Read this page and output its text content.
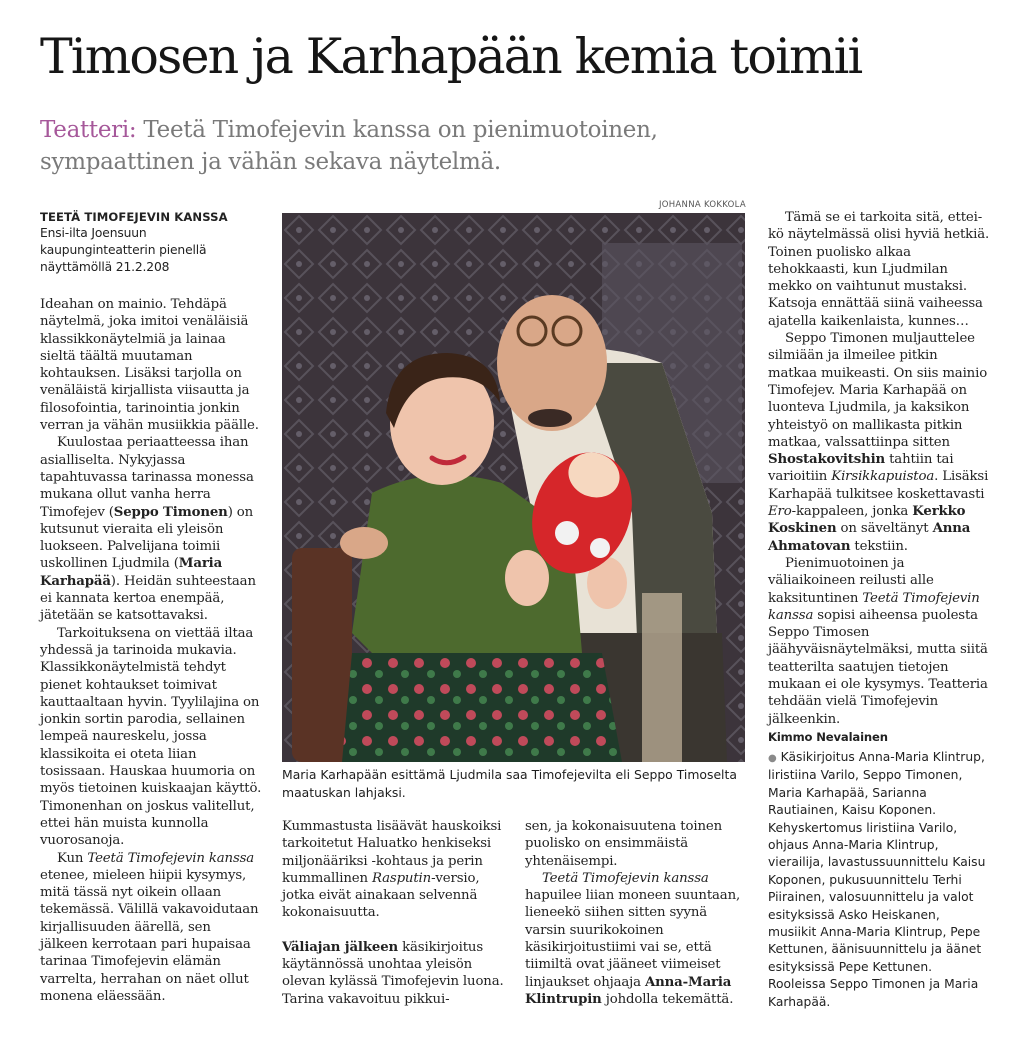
Timosen ja Karhapään kemia toimii
Teatteri: Teetä Timofejevin kanssa on pienimuotoinen, sympaattinen ja vähän sekava näytelmä.
TEETÄ TIMOFEJEVIN KANSSA
Ensi-ilta Joensuun kaupunginteatterin pienellä näyttämöllä 21.2.208

Ideahan on mainio. Tehdäpä näytelmä, joka imitoi venäläisiä klassikkonäytelmiä ja lainaa sieltä täältä muutaman kohtauksen. Lisäksi tarjolla on venäläistä kirjallista viisautta ja filosofointia, tarinointia jonkin verran ja vähän musiikkia päälle.

Kuulostaa periaatteessa ihan asialliselta. Nykyjassa tapahtuvassa tarinassa monessa mukana ollut vanha herra Timofejev (Seppo Timonen) on kutsunut vieraita eli yleisön luokseen. Palvelijana toimii uskollinen Ljudmila (Maria Karhapää). Heidän suhteestaan ei kannata kertoa enempää, jätetään se katsottavaksi.

Tarkoituksena on viettää iltaa yhdessä ja tarinoida mukavia. Klassikkonäytelmistä tehdyt pienet kohtaukset toimivat kauttaaltaan hyvin. Tyylilajina on jonkin sortin parodia, sellainen lempeä naureskelu, jossa klassikoita ei oteta liian tosissaan. Hauskaa huumoria on myös tietoinen kuiskaajan käyttö. Timonenhan on joskus valitellut, ettei hän muista kunnolla vuorosanoja.

Kun Teetä Timofejevin kanssa etenee, mieleen hiipii kysymys, mitä tässä nyt oikein ollaan tekemässä. Välillä vakavoidutaan kirjallisuuden äärellä, sen jälkeen kerrotaan pari hupaisaa tarinaa Timofejevin elämän varrelta, herrahan on näet ollut monena eläessään.

JOHANNA KOKKOLA
Maria Karhapään esittämä Ljudmila saa Timofejevilta eli Seppo Timoselta maatuskan lahjaksi.

Kummastusta lisäävät hauskoiksi tarkoitetut Haluatko henkiseksi miljonääriksi -kohtaus ja perin kummallinen Rasputin-versio, jotka eivät ainakaan selvennä kokonaisuutta.

Väliajan jälkeen käsikirjoitus käytännössä unohtaa yleisön olevan kylässä Timofejevin luona. Tarina vakavoituu pikkui-

sen, ja kokonaisuutena toinen puolisko on ensimmäistä yhtenäisempi.

Teetä Timofejevin kanssa hapuilee liian moneen suuntaan, lieneekö siihen sitten syynä varsin suurikokoinen käsikirjoitustiimi vai se, että tiimiltä ovat jääneet viimeiset linjaukset ohjaaja Anna-Maria Klintrupin johdolla tekemättä.

Tämä se ei tarkoita sitä, ettei-kö näytelmässä olisi hyviä hetkiä. Toinen puolisko alkaa tehokkaasti, kun Ljudmilan mekko on vaihtunut mustaksi. Katsoja ennättää siinä vaiheessa ajatella kaikenlaista, kunnes…

Seppo Timonen muljauttelee silmiään ja ilmeilee pitkin matkaa muikeasti. On siis mainio Timofejev. Maria Karhapää on luonteva Ljudmila, ja kaksikon yhteistyö on mallikasta pitkin matkaa, valssattiinpa sitten Shostakovitshin tahtiin tai varioitiin Kirsikkapuistoa. Lisäksi Karhapää tulkitsee koskettavasti Ero-kappaleen, jonka Kerkko Koskinen on säveltänyt Anna Ahmatovan tekstiin.

Pienimuotoinen ja väliaikoineen reilusti alle kaksituntinen Teetä Timofejevin kanssa sopisi aiheensa puolesta Seppo Timosen jäähyväisnäytelmäksi, mutta siitä teatterilta saatujen tietojen mukaan ei ole kysymys. Teatteria tehdään vielä Timofejevin jälkeenkin.

Kimmo Nevalainen
● Käsikirjoitus Anna-Maria Klintrup, liristiina Varilo, Seppo Timonen, Maria Karhapää, Sarianna Rautiainen, Kaisu Koponen. Kehyskertomus liristiina Varilo, ohjaus Anna-Maria Klintrup, vierailija, lavastussuunnittelu Kaisu Koponen, pukusuunnittelu Terhi Piirainen, valosuunnittelu ja valot esityksissä Asko Heiskanen, musiikit Anna-Maria Klintrup, Pepe Kettunen, äänisuunnittelu ja äänet esityksissä Pepe Kettunen. Rooleissa Seppo Timonen ja Maria Karhapää.
